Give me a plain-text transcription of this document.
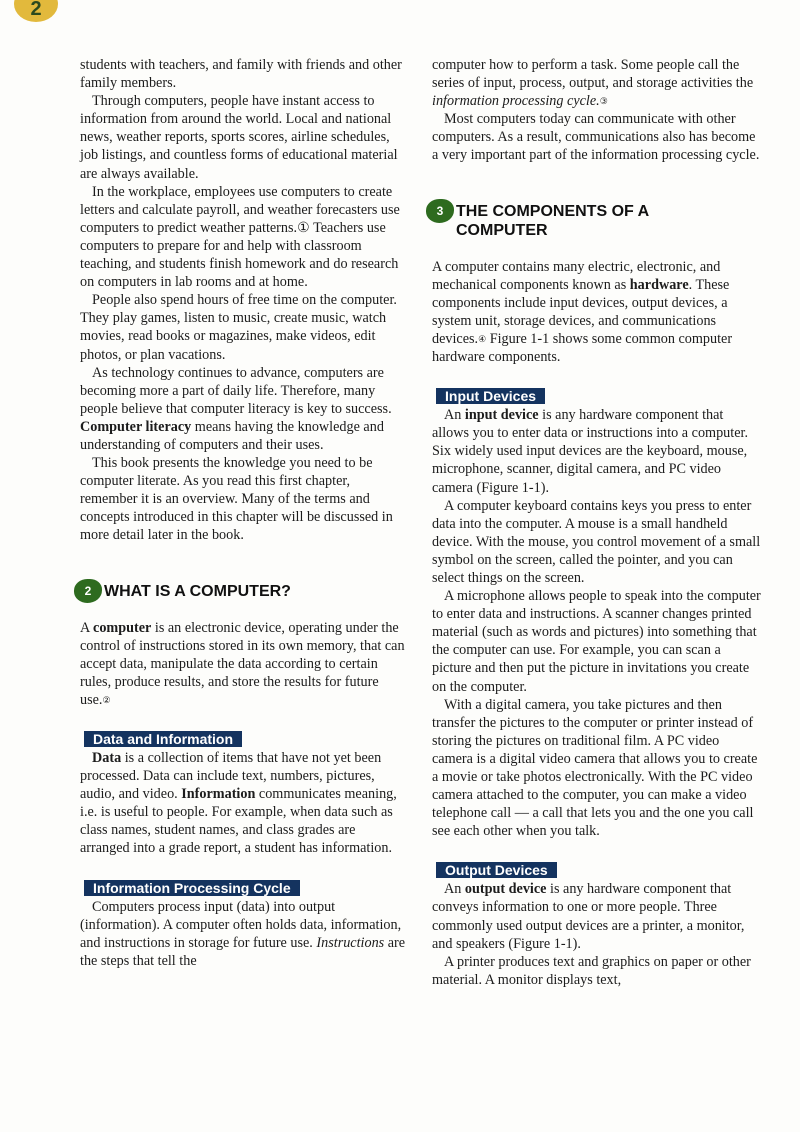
2

students with teachers, and family with friends and other family members.

Through computers, people have instant access to information from around the world. Local and national news, weather reports, sports scores, airline schedules, job listings, and countless forms of educational material are always available.

In the workplace, employees use computers to create letters and calculate payroll, and weather forecasters use computers to predict weather patterns.① Teachers use computers to prepare for and help with classroom teaching, and students finish homework and do research on computers in lab rooms and at home.

People also spend hours of free time on the computer. They play games, listen to music, create music, watch movies, read books or magazines, make videos, edit photos, or plan vacations.

As technology continues to advance, computers are becoming more a part of daily life. Therefore, many people believe that computer literacy is key to success. Computer literacy means having the knowledge and understanding of computers and their uses.

This book presents the knowledge you need to be computer literate. As you read this first chapter, remember it is an overview. Many of the terms and concepts introduced in this chapter will be discussed in more detail later in the book.

2 WHAT IS A COMPUTER?

A computer is an electronic device, operating under the control of instructions stored in its own memory, that can accept data, manipulate the data according to certain rules, produce results, and store the results for future use.②

Data and Information

Data is a collection of items that have not yet been processed. Data can include text, numbers, pictures, audio, and video. Information communicates meaning, i.e. is useful to people. For example, when data such as class names, student names, and class grades are arranged into a grade report, a student has information.

Information Processing Cycle

Computers process input (data) into output (information). A computer often holds data, information, and instructions in storage for future use. Instructions are the steps that tell the

computer how to perform a task. Some people call the series of input, process, output, and storage activities the information processing cycle.③

Most computers today can communicate with other computers. As a result, communications also has become a very important part of the information processing cycle.

3 THE COMPONENTS OF A
COMPUTER

A computer contains many electric, electronic, and mechanical components known as hardware. These components include input devices, output devices, a system unit, storage devices, and communications devices.④ Figure 1-1 shows some common computer hardware components.

Input Devices

An input device is any hardware component that allows you to enter data or instructions into a computer. Six widely used input devices are the keyboard, mouse, microphone, scanner, digital camera, and PC video camera (Figure 1-1).

A computer keyboard contains keys you press to enter data into the computer. A mouse is a small handheld device. With the mouse, you control movement of a small symbol on the screen, called the pointer, and you can select things on the screen.

A microphone allows people to speak into the computer to enter data and instructions. A scanner changes printed material (such as words and pictures) into something that the computer can use. For example, you can scan a picture and then put the picture in invitations you create on the computer.

With a digital camera, you take pictures and then transfer the pictures to the computer or printer instead of storing the pictures on traditional film. A PC video camera is a digital video camera that allows you to create a movie or take photos electronically. With the PC video camera attached to the computer, you can make a video telephone call — a call that lets you and the one you call see each other when you talk.

Output Devices

An output device is any hardware component that conveys information to one or more people. Three commonly used output devices are a printer, a monitor, and speakers (Figure 1-1).

A printer produces text and graphics on paper or other material. A monitor displays text,
